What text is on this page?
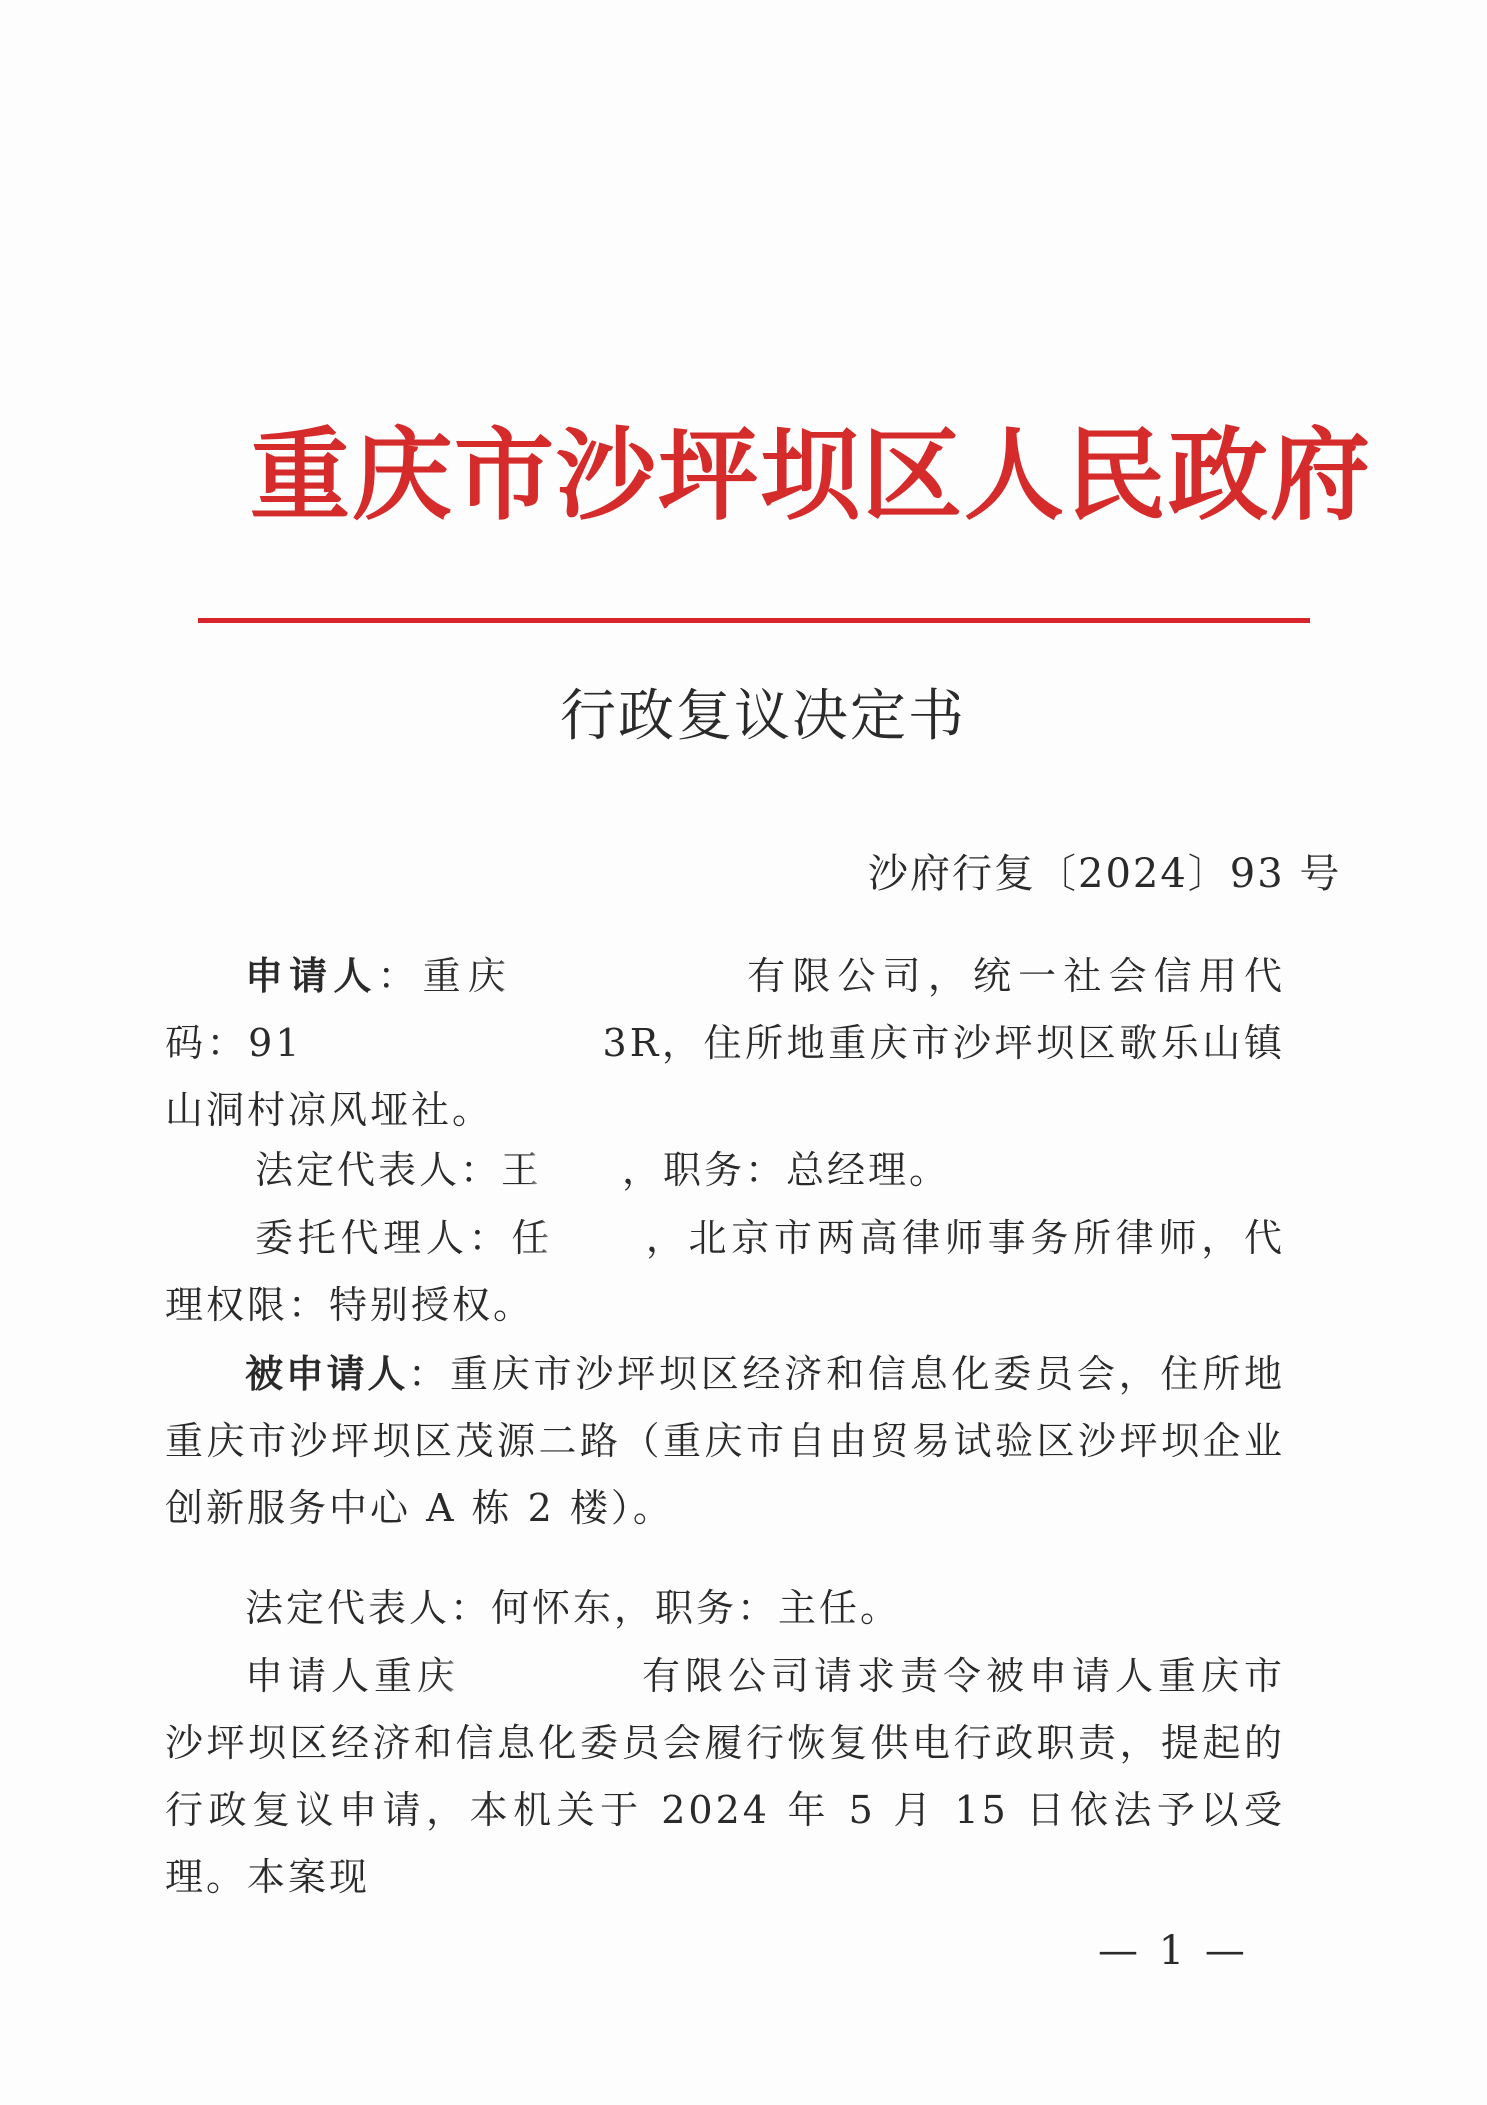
重庆市沙坪坝区人民政府
行政复议决定书
沙府行复〔2024〕93 号

申请人：重庆	有限公司，统一社会信用代码：91	3R，住所地重庆市沙坪坝区歌乐山镇山洞村凉风垭社。

法定代表人：王 ，职务：总经理。

委托代理人：任 ，北京市两高律师事务所律师，代理权限：特别授权。

被申请人：重庆市沙坪坝区经济和信息化委员会，住所地重庆市沙坪坝区茂源二路（重庆市自由贸易试验区沙坪坝企业创新服务中心 A 栋 2 楼）。

法定代表人：何怀东，职务：主任。

申请人重庆	有限公司请求责令被申请人重庆市沙坪坝区经济和信息化委员会履行恢复供电行政职责，提起的行政复议申请，本机关于 2024 年 5 月 15 日依法予以受理。本案现

— 1 —
